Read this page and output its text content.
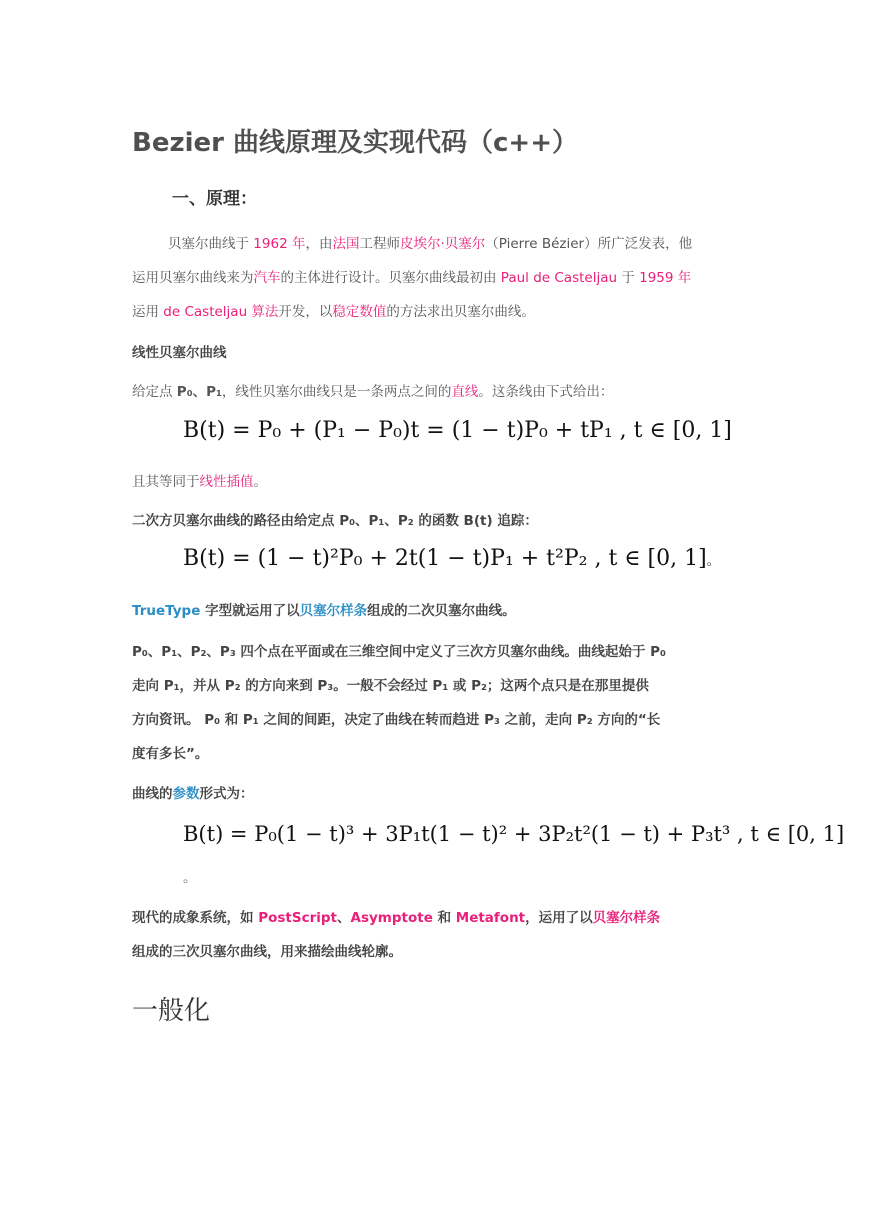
Bezier 曲线原理及实现代码（c++）
一、原理：
贝塞尔曲线于 1962 年，由法国工程师皮埃尔·贝塞尔（Pierre Bézier）所广泛发表，他
运用贝塞尔曲线来为汽车的主体进行设计。贝塞尔曲线最初由 Paul de Casteljau 于 1959 年
运用 de Casteljau 算法开发，以稳定数值的方法求出贝塞尔曲线。
线性贝塞尔曲线
给定点 P₀、P₁，线性贝塞尔曲线只是一条两点之间的直线。这条线由下式给出：
B(t) = P₀ + (P₁ − P₀)t = (1 − t)P₀ + tP₁ , t ∈ [0, 1]
且其等同于线性插值。
二次方贝塞尔曲线的路径由给定点 P₀、P₁、P₂ 的函数 B(t) 追踪：
B(t) = (1 − t)²P₀ + 2t(1 − t)P₁ + t²P₂ , t ∈ [0, 1]。
TrueType 字型就运用了以贝塞尔样条组成的二次贝塞尔曲线。
P₀、P₁、P₂、P₃ 四个点在平面或在三维空间中定义了三次方贝塞尔曲线。曲线起始于 P₀
走向 P₁，并从 P₂ 的方向来到 P₃。一般不会经过 P₁ 或 P₂；这两个点只是在那里提供
方向资讯。 P₀ 和 P₁ 之间的间距，决定了曲线在转而趋进 P₃ 之前，走向 P₂ 方向的“长
度有多长”。
曲线的参数形式为：
B(t) = P₀(1 − t)³ + 3P₁t(1 − t)² + 3P₂t²(1 − t) + P₃t³ , t ∈ [0, 1]
。
现代的成象系统，如 PostScript、Asymptote 和 Metafont，运用了以贝塞尔样条
组成的三次贝塞尔曲线，用来描绘曲线轮廓。
一般化
